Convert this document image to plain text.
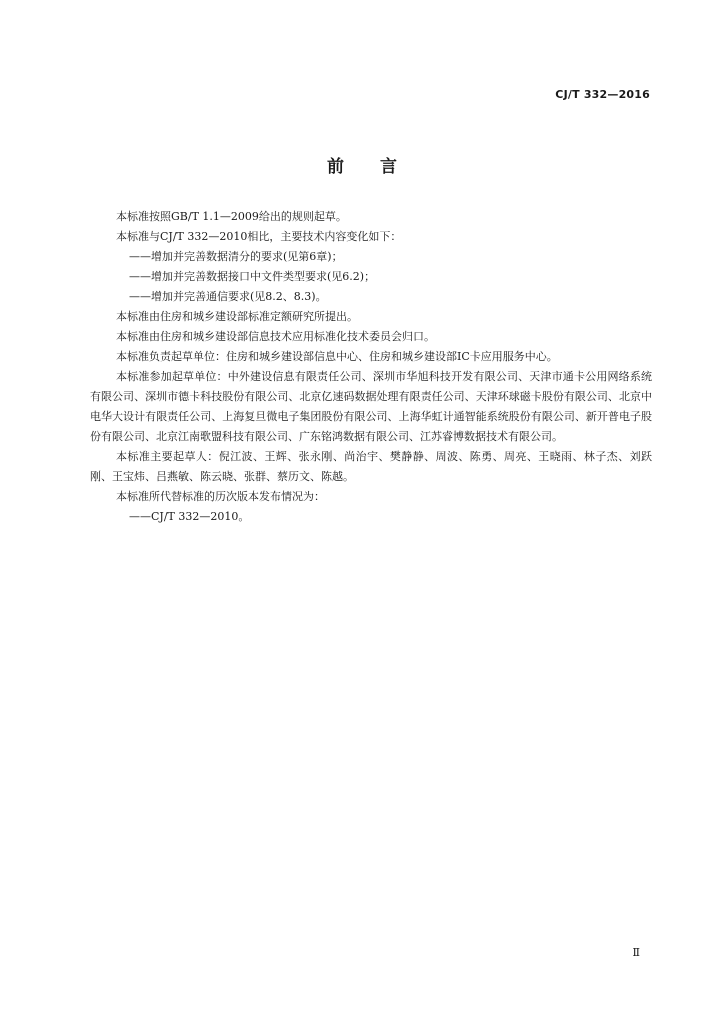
CJ/T 332—2016
前言

本标准按照GB/T 1.1—2009给出的规则起草。

本标准与CJ/T 332—2010相比，主要技术内容变化如下：

——增加并完善数据清分的要求(见第6章)；

——增加并完善数据接口中文件类型要求(见6.2)；

——增加并完善通信要求(见8.2、8.3)。

本标准由住房和城乡建设部标准定额研究所提出。

本标准由住房和城乡建设部信息技术应用标准化技术委员会归口。

本标准负责起草单位：住房和城乡建设部信息中心、住房和城乡建设部IC卡应用服务中心。

本标准参加起草单位：中外建设信息有限责任公司、深圳市华旭科技开发有限公司、天津市通卡公用网络系统有限公司、深圳市德卡科技股份有限公司、北京亿速码数据处理有限责任公司、天津环球磁卡股份有限公司、北京中电华大设计有限责任公司、上海复旦微电子集团股份有限公司、上海华虹计通智能系统股份有限公司、新开普电子股份有限公司、北京江南歌盟科技有限公司、广东铭鸿数据有限公司、江苏睿博数据技术有限公司。

本标准主要起草人：倪江波、王辉、张永刚、尚治宇、樊静静、周波、陈勇、周亮、王晓雨、林子杰、刘跃刚、王宝炜、吕燕敏、陈云晓、张群、蔡历文、陈越。

本标准所代替标准的历次版本发布情况为：

——CJ/T 332—2010。

Ⅱ
